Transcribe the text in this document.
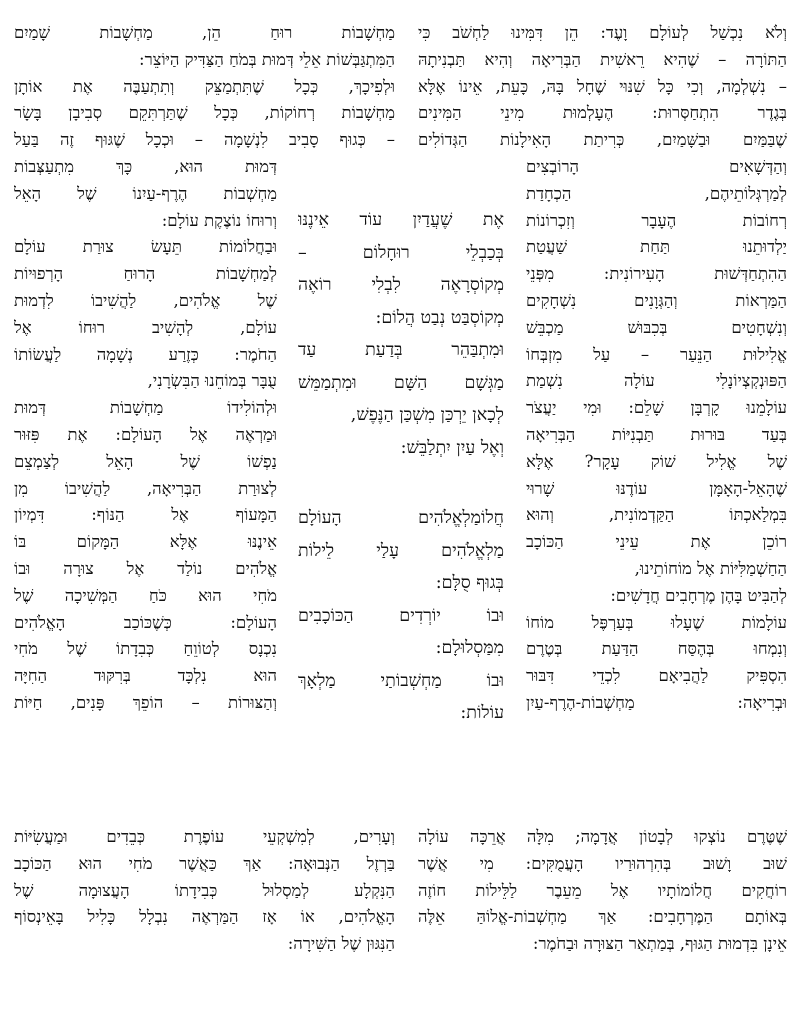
וְלֹא נִכְשַׁל לְעוֹלָם וָעֶד: הֵן דִּמִּינוּ לַחְשֹׁב כִּי
הַתּוֹרָה – שֶׁהִיא רֵאשִׁית הַבְּרִיאָה וְהִיא תַּבְנִיתָהּ
– נִשְׁלְמָה, וְכִי כָּל שִׁנּוּי שֶׁחָל בָּהּ, כָּעֵת, אֵינוֹ אֶלָּא
בְּגֶדֶר הִתְחַסְּרוּת: הֶעָלְמוּת מִינֵי הַמִּינִים
שֶׁבַּמַּיִם וּבַשָּׁמַיִם, כְּרִיתַת הָאִילָנוֹת הַגְּדוֹלִים
וְהַדְּשָׁאִים הָרוֹבְצִים
לְמַרְגְּלוֹתֵיהֶם, הַכְחָדַת
רְחוֹבוֹת הֶעָבָר וְזִכְרוֹנוֹת
יַלְדוּתֵנוּ תַּחַת שַׁעֲטַת
הַהִתְחַדְּשׁוּת הָעִירוֹנִית: מִפְּנֵי
הַמַּרְאוֹת וְהַגְּוָנִים נִשְׁחָקִים
וְנִשְׁחָטִים בְּכִבּוּשׁ מַכְבֵּשׁ
אֱלִילוּת הַנֵּעַר – עַל מִזְבְּחוֹ
הַפּוּנְקְצְיוֹנָלִי עוֹלָה נִשְׁמַת
עוֹלָמֵנוּ קָרְבָּן שָׁלֵם: וּמִי יַעֲצֹר
בְּעַד בּוּרוּת תַּבְנִיּוֹת הַבְּרִיאָה
שֶׁל אֱלִיל שׁוֹק עָקָר? אֶלָּא
שֶׁהָאֵל-הָאָמָּן עוֹדֶנּוּ שָׁרוּי
בִּמְלַאכְתּוֹ הַקַּדְמוֹנִית, וְהוּא
רוֹכֵן אֶת עֵינֵי הַכּוֹכָב
הַחַשְׁמַלִּיּוֹת אֶל מוֹחוֹתֵינוּ,
לְהַבִּיט בָּהֶן מֶרְחָבִים חֲדָשִׁים:
עוֹלָמוֹת שֶׁעָלוּ בְּעַרְפֶּל מוֹחוֹ
וְנִמְחוּ בְּהֶסַּח הַדַּעַת בְּטֶרֶם
הִסְפִּיק לַהֲבִיאָם לִכְדֵי דִּבּוּר
וּבְרִיאָה: מַחְשְׁבוֹת-הֶרֶף-עַיִן
מַחְשָׁבוֹת רוּחַ הֵן, מַחְשָׁבוֹת שָׁמַיִם
הַמִּתְגַּבְּשׁוֹת אֵלֵי דְּמוּת בְּמֹחַ הַצַּדִּיק הַיּוֹצֵר:
וּלְפִיכָךְ, כְּכָל שֶׁתִּתְמַצֵּק וְתִתְעַבֶּה אֶת אוֹתָן
מַחְשָׁבוֹת רְחוֹקוֹת, כְּכָל שֶׁתַּרְתִּקֵם סְבִיבָן בָּשָׂר
– כְּגוּף סָבִיב לִנְשָׁמָה – וּכְכָל שֶׁגּוּף זֶה בַּעַל
דְּמוּת הוּא, כָּךְ מִתְעַצְּבוֹת
מַחְשְׁבוֹת הֶרֶף-עַיִנוֹ שֶׁל הָאֵל
וְרוּחוֹ נוֹצֶקֶת עוֹלָם:
וּבַחֲלוֹמוֹת תֵּעָשׂ צוּרַת עוֹלָם
לְמַחְשָׁבוֹת הָרוּחַ הָרְפוּיוֹת
שֶׁל אֱלֹהִים, לַהֲשִׁיבוֹ לִדְמוּת
עוֹלָם, לְהָשִׁיב רוּחוֹ אֶל
הַחֹמֶר: כְּזֶרַע נְשָׁמָה לַעֲשׂוֹתוֹ
עֻבָּר בְּמוֹחֵנוּ הַבִּשְׂרָנִי,
וּלְהוֹלִידוֹ מַחְשָׁבוֹת דְּמוּת
וּמַרְאֶה אֶל הָעוֹלָם: אֶת פִּזּוּר
נַפְשׁוֹ שֶׁל הָאֵל לְצַמְצֵם
לְצוּרַת הַבְּרִיאָה, לַהֲשִׁיבוֹ מִן
הַמָּעוֹף אֶל הַנּוֹף: דִּמְיוֹן
אֵינֶנּוּ אֶלָּא הַמָּקוֹם בּוֹ
אֱלֹהִים נוֹלַד אֶל צוּרָה וּבוֹ
מֹחִי הוּא כֹּחַ הַמְּשִׁיכָה שֶׁל
הָעוֹלָם: כְּשֶׁכּוֹכַב הָאֱלֹהִים
נִכְנָס לְטוֹוֵחַ כְּבִדָתוֹ שֶׁל מֹחִי
הוּא נִלְכָּד בְּרִקּוּד הַחִיָּה
וְהַצּוּרוֹת – הוֹפֵךְ פָּנִים, חַיּוֹת
אֶת שֶׁעֲדַיִן עוֹד אֵינֶנּוּ
בְּכַבְלֵי רוּחָלוֹם –
מְקוֹסְרָאֶה לִבְלִי רוֹאֶה
מְקוֹסְבַּט נְבַט הֲלוֹם:
וּמִתְבַּהֵר בְּדַעַת עַד
מַגְּשָׁם הַשָּׁם וּמִתְמַמֵּשׁ
לְכָאן יֵרְכַּן מִשְׁכַּן הַנֶּפֶשׁ,
וְאֶל עַיִן יִתְלַבֵּשׁ:
חֲלוֹמַלְאֱלֹהִים הָעוֹלָם
מַלְאֱלֹהִים עָלַי לֵילוֹת
בְּגוּף סֻלָּם:
וּבוֹ יוֹרְדִים הַכּוֹכָבִים
מִמַּסְלוּלָם:
וּבוֹ מַחְשְׁבוֹתַי מַלְאָךְ
עוֹלוֹת:
שֶׁטֶּרֶם נוֹצְקוּ לְבָטוֹן אֲדָמָה; מִלָּה אֲרֵכָּה עוֹלָה
שׁוּב וָשׁוּב בְּהִרְהוּרַיו הָעֲמֻקִּים: מִי אֲשֶׁר
רוֹחֲקִים חֲלוֹמוֹתָיו אֶל מֵעֵבֶר לַלֵּילוֹת חוֹזֶה
בְּאוֹתָם הַמֶּרְחָבִים: אַךְ מַחְשְׁבוֹת-אֱלוֹהַּ אֵלֶּה
אֵינָן בִּדְמוּת הַגּוּף, בְּמַתְאַר הַצּוּרָה וּבַחֹמֶר:
וְעָרִים, לְמִשְׁקְעֵי עוֹפֶרֶת כְּבֵדִים וּמַעֲשִׂיּוֹת
בַּרְזֶל הַנְּבוּאָה: אַךְ כַּאֲשֶׁר מֹחִי הוּא הַכּוֹכָב
הַנִּקְלָע לְמַסְלוּל כְּבִידָתוֹ הָעֲצוּמָה שֶׁל
הָאֱלֹהִים, אוֹ אָז הַמַּרְאֶה נִבְלָל כָּלִיל בָּאֵינְסוֹף
הַנִּגּוּן שֶׁל הַשִּׁירָה:
